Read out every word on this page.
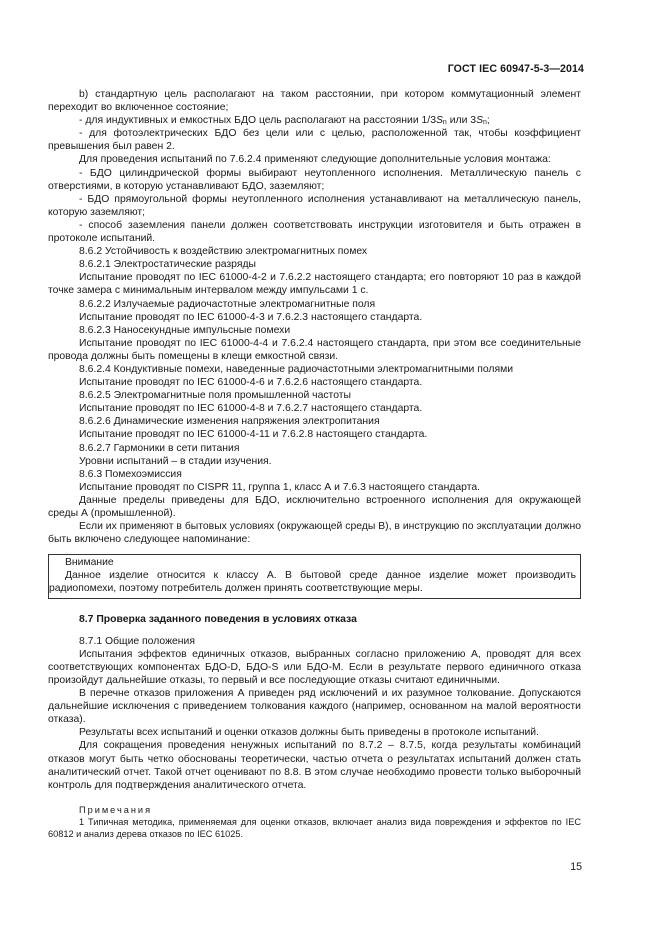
ГОСТ IEC 60947-5-3—2014

b) стандартную цель располагают на таком расстоянии, при котором коммутационный элемент переходит во включенное состояние;

- для индуктивных и емкостных БДО цель располагают на расстоянии $1/3S_n$ или $3S_n$;

- для фотоэлектрических БДО без цели или с целью, расположенной так, чтобы коэффициент превышения был равен 2.

Для проведения испытаний по 7.6.2.4 применяют следующие дополнительные условия монтажа:

- БДО цилиндрической формы выбирают неутопленного исполнения. Металлическую панель с отверстиями, в которую устанавливают БДО, заземляют;

- БДО прямоугольной формы неутопленного исполнения устанавливают на металлическую панель, которую заземляют;

- способ заземления панели должен соответствовать инструкции изготовителя и быть отражен в протоколе испытаний.

8.6.2 Устойчивость к воздействию электромагнитных помех

8.6.2.1 Электростатические разряды

Испытание проводят по IEC 61000-4-2 и 7.6.2.2 настоящего стандарта; его повторяют 10 раз в каждой точке замера с минимальным интервалом между импульсами 1 с.

8.6.2.2 Излучаемые радиочастотные электромагнитные поля

Испытание проводят по IEC 61000-4-3 и 7.6.2.3 настоящего стандарта.

8.6.2.3 Наносекундные импульсные помехи

Испытание проводят по IEC 61000-4-4 и 7.6.2.4 настоящего стандарта, при этом все соединительные провода должны быть помещены в клещи емкостной связи.

8.6.2.4 Кондуктивные помехи, наведенные радиочастотными электромагнитными полями

Испытание проводят по IEC 61000-4-6 и 7.6.2.6 настоящего стандарта.

8.6.2.5 Электромагнитные поля промышленной частоты

Испытание проводят по IEC 61000-4-8 и 7.6.2.7 настоящего стандарта.

8.6.2.6 Динамические изменения напряжения электропитания

Испытание проводят по IEC 61000-4-11 и 7.6.2.8 настоящего стандарта.

8.6.2.7 Гармоники в сети питания

Уровни испытаний – в стадии изучения.

8.6.3 Помехоэмиссия

Испытание проводят по CISPR 11, группа 1, класс А и 7.6.3 настоящего стандарта.

Данные пределы приведены для БДО, исключительно встроенного исполнения для окружающей среды А (промышленной).

Если их применяют в бытовых условиях (окружающей среды В), в инструкцию по эксплуатации должно быть включено следующее напоминание:

Внимание

Данное изделие относится к классу А. В бытовой среде данное изделие может производить радиопомехи, поэтому потребитель должен принять соответствующие меры.

8.7 Проверка заданного поведения в условиях отказа

8.7.1 Общие положения

Испытания эффектов единичных отказов, выбранных согласно приложению А, проводят для всех соответствующих компонентах БДО-D, БДО-S или БДО-М. Если в результате первого единичного отказа произойдут дальнейшие отказы, то первый и все последующие отказы считают единичными.

В перечне отказов приложения А приведен ряд исключений и их разумное толкование. Допускаются дальнейшие исключения с приведением толкования каждого (например, основанном на малой вероятности отказа).

Результаты всех испытаний и оценки отказов должны быть приведены в протоколе испытаний.

Для сокращения проведения ненужных испытаний по 8.7.2 – 8.7.5, когда результаты комбинаций отказов могут быть четко обоснованы теоретически, частью отчета о результатах испытаний должен стать аналитический отчет. Такой отчет оценивают по 8.8. В этом случае необходимо провести только выборочный контроль для подтверждения аналитического отчета.

Примечания

1 Типичная методика, применяемая для оценки отказов, включает анализ вида повреждения и эффектов по IEC 60812 и анализ дерева отказов по IEC 61025.

15
